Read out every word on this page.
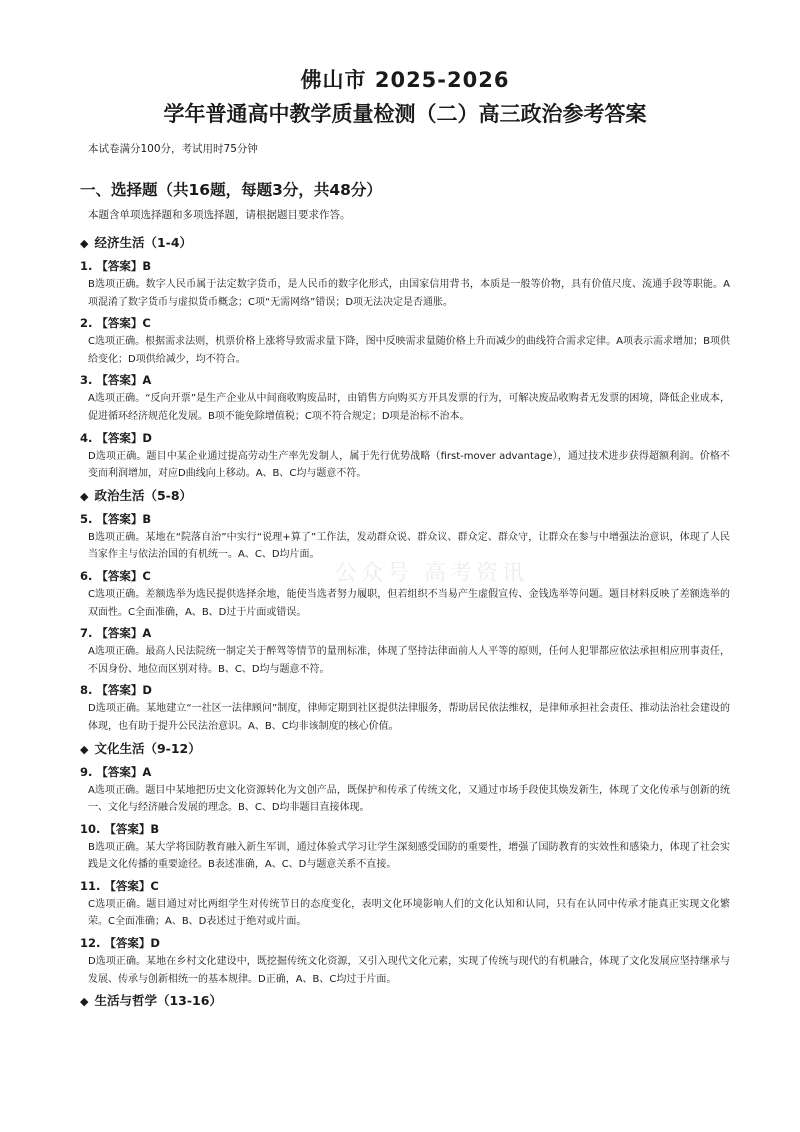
佛山市 2025-2026
学年普通高中教学质量检测（二）高三政治参考答案
本试卷满分100分，考试用时75分钟
一、选择题（共16题，每题3分，共48分）
本题含单项选择题和多项选择题，请根据题目要求作答。
◆ 经济生活（1-4）
1. 【答案】B
B选项正确。数字人民币属于法定数字货币，是人民币的数字化形式，由国家信用背书，本质是一般等价物，具有价值尺度、流通手段等职能。A项混淆了数字货币与虚拟货币概念；C项“无需网络”错误；D项无法决定是否通胀。
2. 【答案】C
C选项正确。根据需求法则，机票价格上涨将导致需求量下降，图中反映需求量随价格上升而减少的曲线符合需求定律。A项表示需求增加；B项供给变化；D项供给减少，均不符合。
3. 【答案】A
A选项正确。“反向开票”是生产企业从中间商收购废品时，由销售方向购买方开具发票的行为，可解决废品收购者无发票的困境，降低企业成本，促进循环经济规范化发展。B项不能免除增值税；C项不符合规定；D项是治标不治本。
4. 【答案】D
D选项正确。题目中某企业通过提高劳动生产率先发制人，属于先行优势战略（first-mover advantage），通过技术进步获得超额利润。价格不变而利润增加，对应D曲线向上移动。A、B、C均与题意不符。
◆ 政治生活（5-8）
5. 【答案】B
B选项正确。某地在“院落自治”中实行“说理+算了”工作法，发动群众说、群众议、群众定、群众守，让群众在参与中增强法治意识，体现了人民当家作主与依法治国的有机统一。A、C、D均片面。
6. 【答案】C
C选项正确。差额选举为选民提供选择余地，能使当选者努力履职，但若组织不当易产生虚假宣传、金钱选举等问题。题目材料反映了差额选举的双面性。C全面准确，A、B、D过于片面或错误。
7. 【答案】A
A选项正确。最高人民法院统一制定关于醉驾等情节的量刑标准，体现了坚持法律面前人人平等的原则，任何人犯罪都应依法承担相应刑事责任，不因身份、地位而区别对待。B、C、D均与题意不符。
8. 【答案】D
D选项正确。某地建立“一社区一法律顾问”制度，律师定期到社区提供法律服务，帮助居民依法维权，是律师承担社会责任、推动法治社会建设的体现，也有助于提升公民法治意识。A、B、C均非该制度的核心价值。
◆ 文化生活（9-12）
9. 【答案】A
A选项正确。题目中某地把历史文化资源转化为文创产品，既保护和传承了传统文化，又通过市场手段使其焕发新生，体现了文化传承与创新的统一、文化与经济融合发展的理念。B、C、D均非题目直接体现。
10. 【答案】B
B选项正确。某大学将国防教育融入新生军训，通过体验式学习让学生深刻感受国防的重要性，增强了国防教育的实效性和感染力，体现了社会实践是文化传播的重要途径。B表述准确，A、C、D与题意关系不直接。
11. 【答案】C
C选项正确。题目通过对比两组学生对传统节日的态度变化，表明文化环境影响人们的文化认知和认同，只有在认同中传承才能真正实现文化繁荣。C全面准确；A、B、D表述过于绝对或片面。
12. 【答案】D
D选项正确。某地在乡村文化建设中，既挖掘传统文化资源，又引入现代文化元素，实现了传统与现代的有机融合，体现了文化发展应坚持继承与发展、传承与创新相统一的基本规律。D正确，A、B、C均过于片面。
◆ 生活与哲学（13-16）
公众号 高考资讯
